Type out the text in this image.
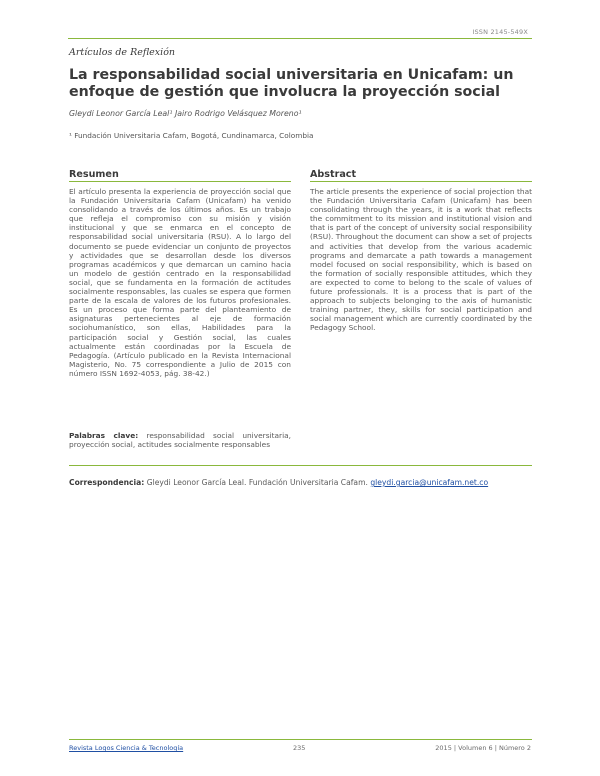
ISSN 2145-549X
Artículos de Reflexión
La responsabilidad social universitaria en Unicafam: un enfoque de gestión que involucra la proyección social
Gleydi Leonor García Leal¹ Jairo Rodrigo Velásquez Moreno¹
¹ Fundación Universitaria Cafam, Bogotá, Cundinamarca, Colombia
Resumen

El artículo presenta la experiencia de proyección social que la Fundación Universitaria Cafam (Unicafam) ha venido consolidando a través de los últimos años. Es un trabajo que refleja el compromiso con su misión y visión institucional y que se enmarca en el concepto de responsabilidad social universitaria (RSU). A lo largo del documento se puede evidenciar un conjunto de proyectos y actividades que se desarrollan desde los diversos programas académicos y que demarcan un camino hacia un modelo de gestión centrado en la responsabilidad social, que se fundamenta en la formación de actitudes socialmente responsables, las cuales se espera que formen parte de la escala de valores de los futuros profesionales. Es un proceso que forma parte del planteamiento de asignaturas pertenecientes al eje de formación sociohumanístico, son ellas, Habilidades para la participación social y Gestión social, las cuales actualmente están coordinadas por la Escuela de Pedagogía. (Artículo publicado en la Revista Internacional Magisterio, No. 75 correspondiente a Julio de 2015 con número ISSN 1692-4053, pág. 38-42.)

Palabras clave: responsabilidad social universitaria, proyección social, actitudes socialmente responsables

Abstract

The article presents the experience of social projection that the Fundación Universitaria Cafam (Unicafam) has been consolidating through the years, it is a work that reflects the commitment to its mission and institutional vision and that is part of the concept of university social responsibility (RSU). Throughout the document can show a set of projects and activities that develop from the various academic programs and demarcate a path towards a management model focused on social responsibility, which is based on the formation of socially responsible attitudes, which they are expected to come to belong to the scale of values of future professionals. It is a process that is part of the approach to subjects belonging to the axis of humanistic training partner, they, skills for social participation and social management which are currently coordinated by the Pedagogy School.

Correspondencia: Gleydi Leonor García Leal. Fundación Universitaria Cafam. gleydi.garcia@unicafam.net.co
Revista Logos Ciencia & Tecnología	235	2015 | Volumen 6 | Número 2
